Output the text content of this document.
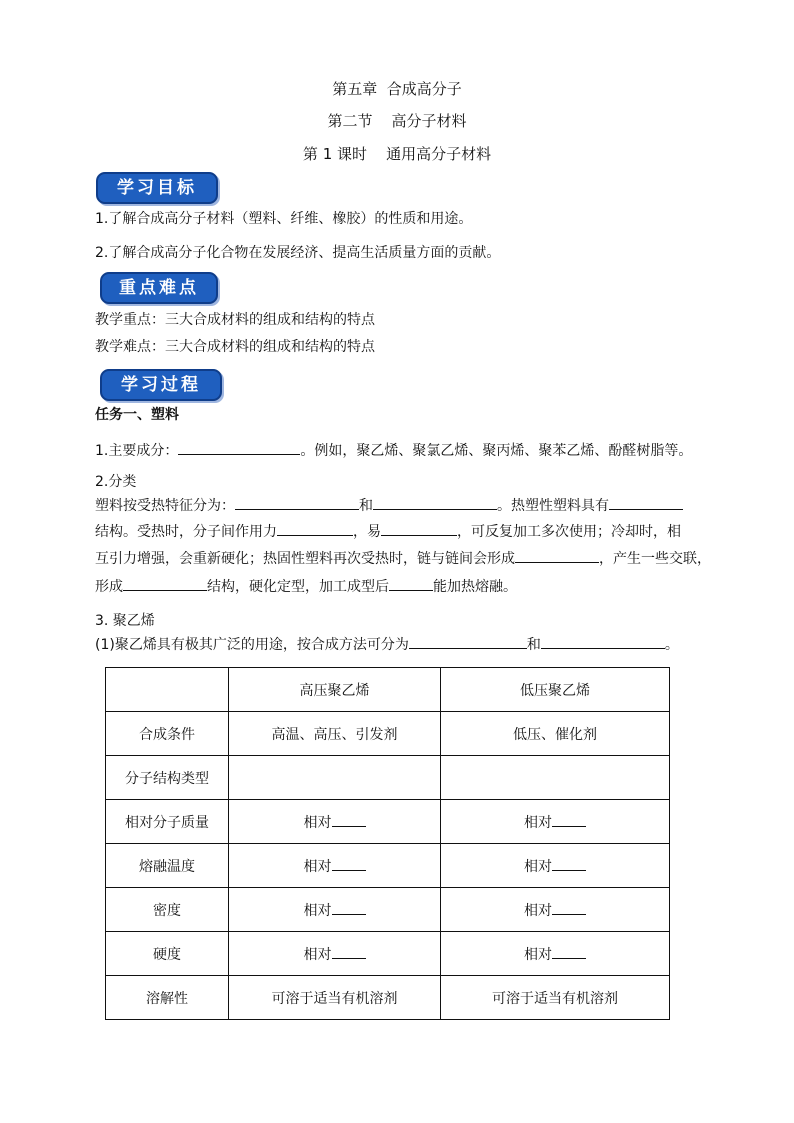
第五章  合成高分子
第二节    高分子材料
第 1 课时    通用高分子材料
学习目标
1.了解合成高分子材料（塑料、纤维、橡胶）的性质和用途。
2.了解合成高分子化合物在发展经济、提高生活质量方面的贡献。
重点难点
教学重点：三大合成材料的组成和结构的特点
教学难点：三大合成材料的组成和结构的特点
学习过程
任务一、塑料
1.主要成分：	。例如，聚乙烯、聚氯乙烯、聚丙烯、聚苯乙烯、酚醛树脂等。
2.分类
塑料按受热特征分为：	和	。热塑性塑料具有
结构。受热时，分子间作用力	，易	，可反复加工多次使用；冷却时，相
互引力增强，会重新硬化；热固性塑料再次受热时，链与链间会形成	，产生一些交联，
形成	结构，硬化定型，加工成型后	能加热熔融。
3. 聚乙烯
(1)聚乙烯具有极其广泛的用途，按合成方法可分为	和	。
	高压聚乙烯	低压聚乙烯
合成条件	高温、高压、引发剂	低压、催化剂
分子结构类型		
相对分子质量	相对	相对
熔融温度	相对	相对
密度	相对	相对
硬度	相对	相对
溶解性	可溶于适当有机溶剂	可溶于适当有机溶剂
